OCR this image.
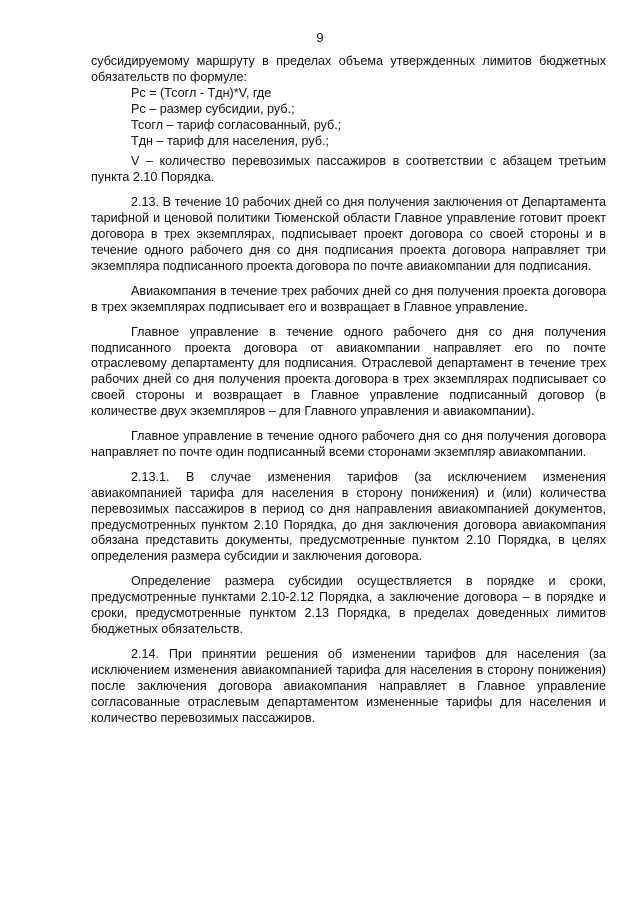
9

субсидируемому маршруту в пределах объема утвержденных лимитов бюджетных обязательств по формуле:

Рс = (Тсогл - Тдн)*V, где

Рс – размер субсидии, руб.;

Тсогл – тариф согласованный, руб.;

Тдн – тариф для населения, руб.;

V – количество перевозимых пассажиров в соответствии с абзацем третьим пункта 2.10 Порядка.

2.13. В течение 10 рабочих дней со дня получения заключения от Департамента тарифной и ценовой политики Тюменской области Главное управление готовит проект договора в трех экземплярах, подписывает проект договора со своей стороны и в течение одного рабочего дня со дня подписания проекта договора направляет три экземпляра подписанного проекта договора по почте авиакомпании для подписания.

Авиакомпания в течение трех рабочих дней со дня получения проекта договора в трех экземплярах подписывает его и возвращает в Главное управление.

Главное управление в течение одного рабочего дня со дня получения подписанного проекта договора от авиакомпании направляет его по почте отраслевому департаменту для подписания. Отраслевой департамент в течение трех рабочих дней со дня получения проекта договора в трех экземплярах подписывает со своей стороны и возвращает в Главное управление подписанный договор (в количестве двух экземпляров – для Главного управления и авиакомпании).

Главное управление в течение одного рабочего дня со дня получения договора направляет по почте один подписанный всеми сторонами экземпляр авиакомпании.

2.13.1. В случае изменения тарифов (за исключением изменения авиакомпанией тарифа для населения в сторону понижения) и (или) количества перевозимых пассажиров в период со дня направления авиакомпанией документов, предусмотренных пунктом 2.10 Порядка, до дня заключения договора авиакомпания обязана представить документы, предусмотренные пунктом 2.10 Порядка, в целях определения размера субсидии и заключения договора.

Определение размера субсидии осуществляется в порядке и сроки, предусмотренные пунктами 2.10-2.12 Порядка, а заключение договора – в порядке и сроки, предусмотренные пунктом 2.13 Порядка, в пределах доведенных лимитов бюджетных обязательств.

2.14. При принятии решения об изменении тарифов для населения (за исключением изменения авиакомпанией тарифа для населения в сторону понижения) после заключения договора авиакомпания направляет в Главное управление согласованные отраслевым департаментом измененные тарифы для населения и количество перевозимых пассажиров.
